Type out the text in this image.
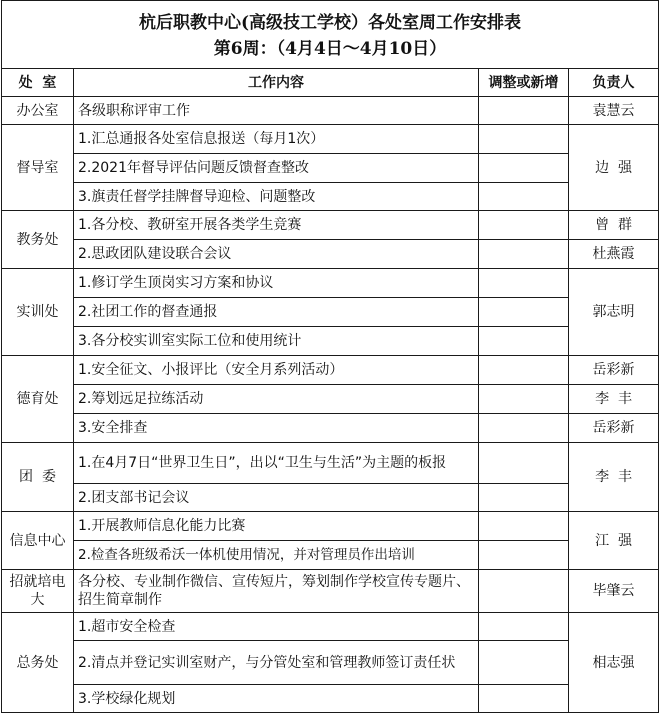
杭后职教中心(高级技工学校）各处室周工作安排表
第6周：（4月4日～4月10日）			

处  室	工作内容	调整或新增	负责人
办公室	各级职称评审工作		袁慧云
督导室	1.汇总通报各处室信息报送（每月1次）		边  强
	2.2021年督导评估问题反馈督查整改		
	3.旗责任督学挂牌督导迎检、问题整改		
教务处	1.各分校、教研室开展各类学生竞赛		曾  群
	2.思政团队建设联合会议		杜燕霞
实训处	1.修订学生顶岗实习方案和协议		郭志明
	2.社团工作的督查通报		
	3.各分校实训室实际工位和使用统计		
德育处	1.安全征文、小报评比（安全月系列活动）		岳彩新
	2.筹划远足拉练活动		李  丰
	3.安全排查		岳彩新
团  委	1.在4月7日“世界卫生日”，出以“卫生与生活”为主题的板报		李  丰
	2.团支部书记会议		
信息中心	1.开展教师信息化能力比赛		江  强
	2.检查各班级希沃一体机使用情况，并对管理员作出培训		
招就培电大	各分校、专业制作微信、宣传短片，筹划制作学校宣传专题片、招生简章制作		毕肇云
总务处	1.超市安全检查		相志强
	2.清点并登记实训室财产，与分管处室和管理教师签订责任状		
	3.学校绿化规划		
